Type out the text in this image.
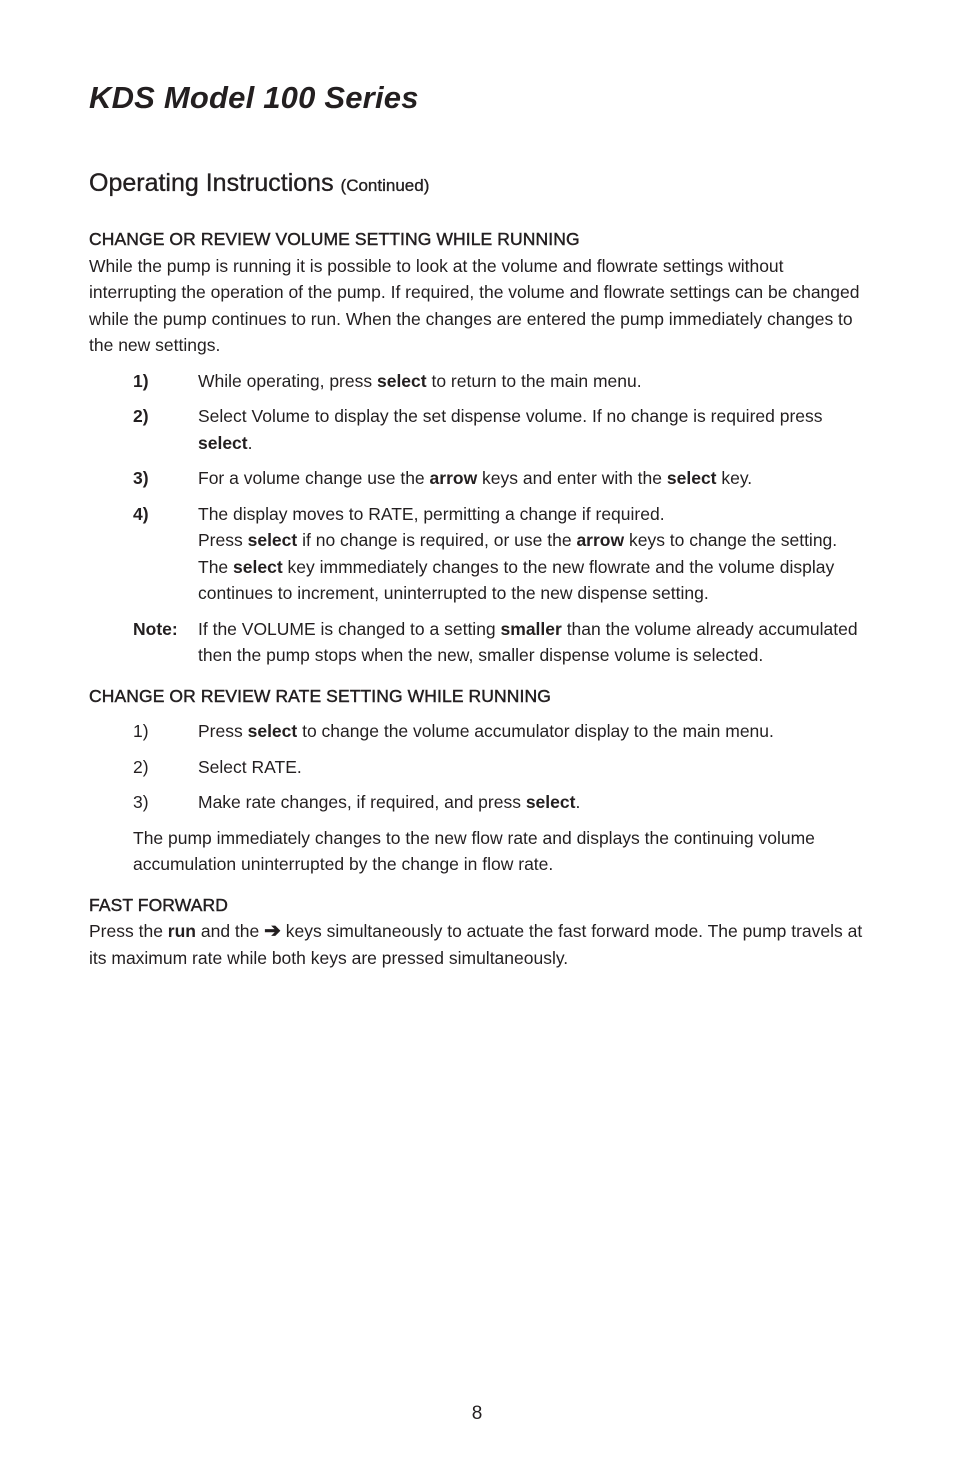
KDS Model 100 Series
Operating Instructions (Continued)
CHANGE OR REVIEW VOLUME SETTING WHILE RUNNING

While the pump is running it is possible to look at the volume and flowrate settings without interrupting the operation of the pump. If required, the volume and flowrate settings can be changed while the pump continues to run. When the changes are entered the pump immediately changes to the new settings.

1)	While operating, press select to return to the main menu.
2)	Select Volume to display the set dispense volume. If no change is required press select.
3)	For a volume change use the arrow keys and enter with the select key.
4)	The display moves to RATE, permitting a change if required.
Press select if no change is required, or use the arrow keys to change the setting. The select key immmediately changes to the new flowrate and the volume display continues to increment, uninterrupted to the new dispense setting.
Note:	If the VOLUME is changed to a setting smaller than the volume already accumulated then the pump stops when the new, smaller dispense volume is selected.
CHANGE OR REVIEW RATE SETTING WHILE RUNNING
1)	Press select to change the volume accumulator display to the main menu.
2)	Select RATE.
3)	Make rate changes, if required, and press select.

The pump immediately changes to the new flow rate and displays the continuing volume accumulation uninterrupted by the change in flow rate.

FAST FORWARD

Press the run and the ➔ keys simultaneously to actuate the fast forward mode. The pump travels at its maximum rate while both keys are pressed simultaneously.

8
